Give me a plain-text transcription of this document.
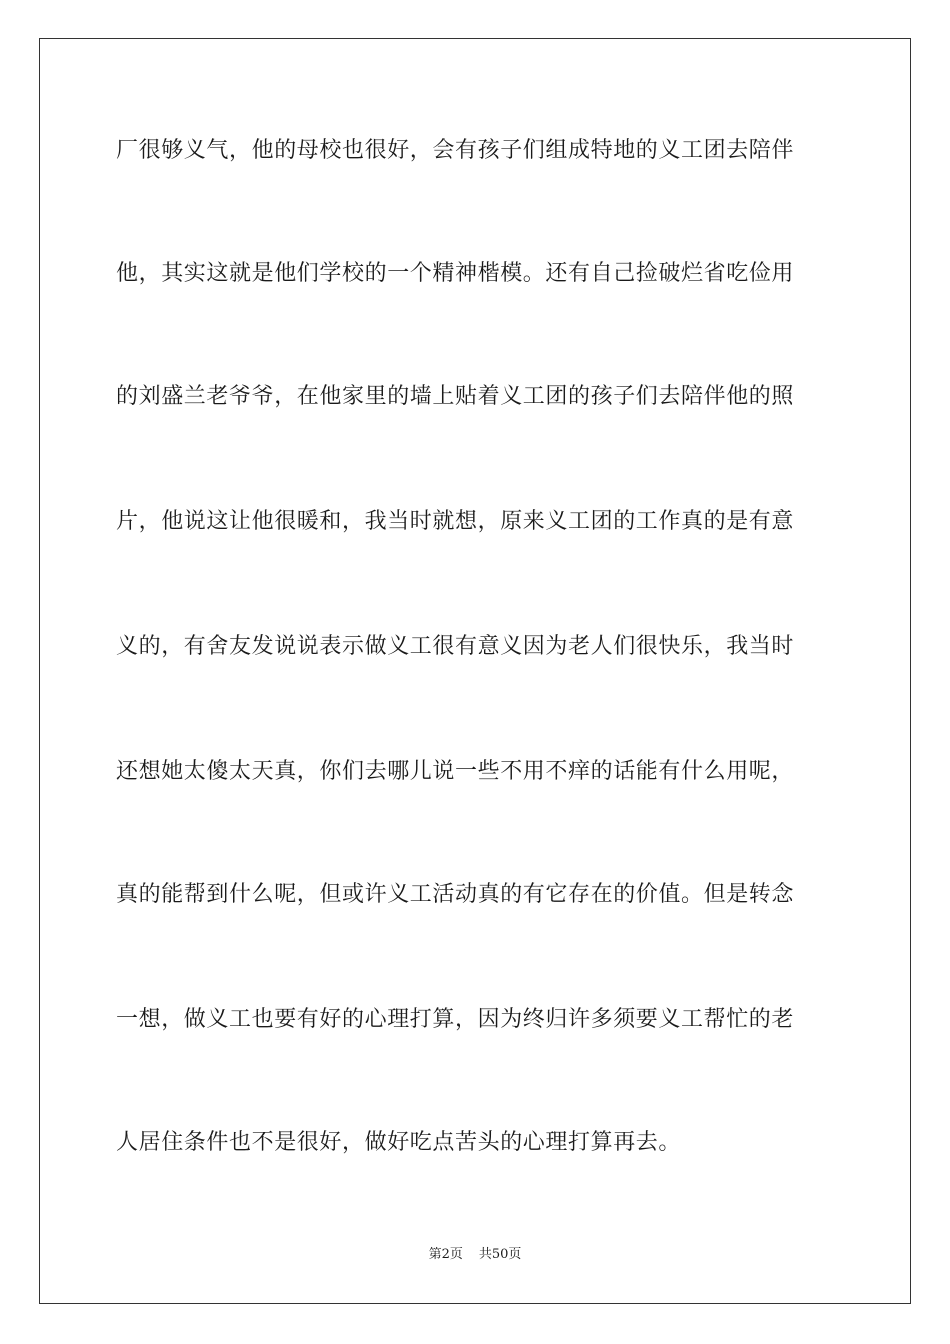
厂很够义气，他的母校也很好，会有孩子们组成特地的义工团去陪伴
他，其实这就是他们学校的一个精神楷模。还有自己捡破烂省吃俭用
的刘盛兰老爷爷，在他家里的墙上贴着义工团的孩子们去陪伴他的照
片，他说这让他很暖和，我当时就想，原来义工团的工作真的是有意
义的，有舍友发说说表示做义工很有意义因为老人们很快乐，我当时
还想她太傻太天真，你们去哪儿说一些不用不痒的话能有什么用呢，
真的能帮到什么呢，但或许义工活动真的有它存在的价值。但是转念
一想，做义工也要有好的心理打算，因为终归许多须要义工帮忙的老
人居住条件也不是很好，做好吃点苦头的心理打算再去。
第2页 共50页
